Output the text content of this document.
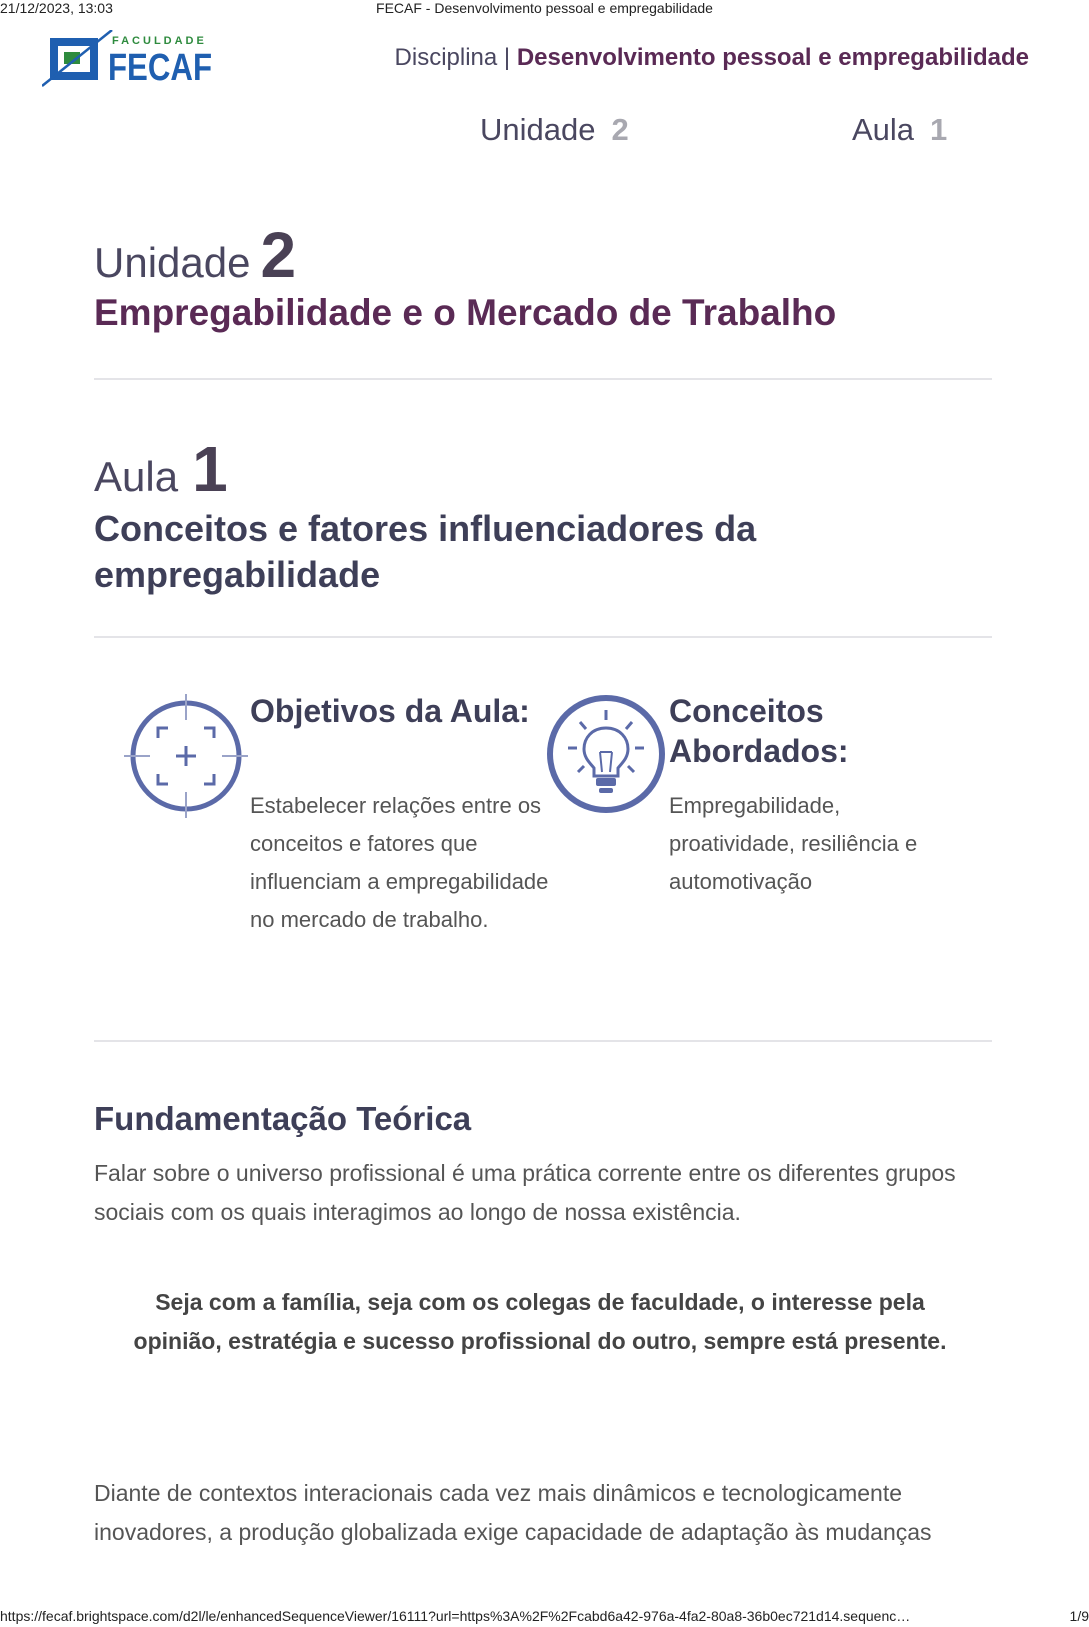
21/12/2023, 13:03	FECAF - Desenvolvimento pessoal e empregabilidade
FACULDADE
FECAF	Disciplina | Desenvolvimento pessoal e empregabilidade
Unidade 2	Aula 1
Unidade 2
Empregabilidade e o Mercado de Trabalho
Aula 1
Conceitos e fatores influenciadores da empregabilidade
Objetivos da Aula:
Estabelecer relações entre os conceitos e fatores que influenciam a empregabilidade no mercado de trabalho.
Conceitos Abordados:
Empregabilidade, proatividade, resiliência e automotivação
Fundamentação Teórica
Falar sobre o universo profissional é uma prática corrente entre os diferentes grupos sociais com os quais interagimos ao longo de nossa existência.
Seja com a família, seja com os colegas de faculdade, o interesse pela opinião, estratégia e sucesso profissional do outro, sempre está presente.
Diante de contextos interacionais cada vez mais dinâmicos e tecnologicamente inovadores, a produção globalizada exige capacidade de adaptação às mudanças
https://fecaf.brightspace.com/d2l/le/enhancedSequenceViewer/16111?url=https%3A%2F%2Fcabd6a42-976a-4fa2-80a8-36b0ec721d14.sequenc…	1/9
